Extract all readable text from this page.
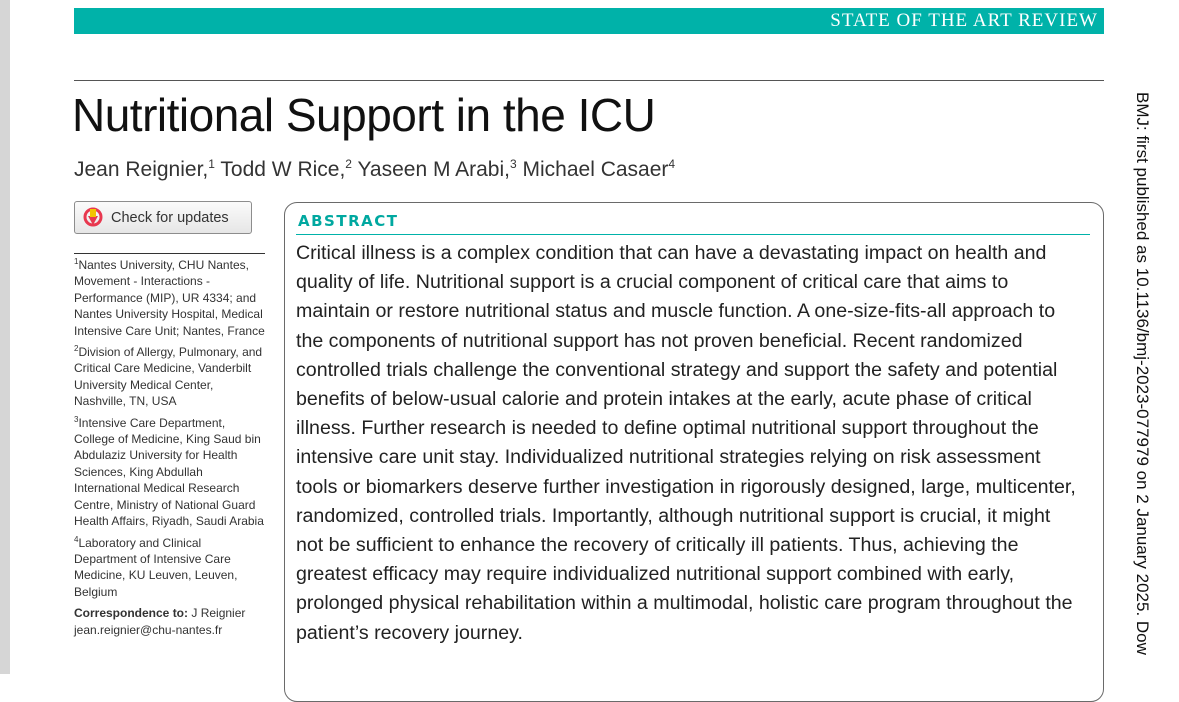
STATE OF THE ART REVIEW
Nutritional Support in the ICU
Jean Reignier,$^1$ Todd W Rice,$^2$ Yaseen M Arabi,$^3$ Michael Casaer$^4$
Check for updates

$^1$Nantes University, CHU Nantes, Movement - Interactions - Performance (MIP), UR 4334; and Nantes University Hospital, Medical Intensive Care Unit; Nantes, France

$^2$Division of Allergy, Pulmonary, and Critical Care Medicine, Vanderbilt University Medical Center, Nashville, TN, USA

$^3$Intensive Care Department, College of Medicine, King Saud bin Abdulaziz University for Health Sciences, King Abdullah International Medical Research Centre, Ministry of National Guard Health Affairs, Riyadh, Saudi Arabia

$^4$Laboratory and Clinical Department of Intensive Care Medicine, KU Leuven, Leuven, Belgium

Correspondence to: J Reignier
jean.reignier@chu-nantes.fr

ABSTRACT

Critical illness is a complex condition that can have a devastating impact on health and quality of life. Nutritional support is a crucial component of critical care that aims to maintain or restore nutritional status and muscle function. A one-size-fits-all approach to the components of nutritional support has not proven beneficial. Recent randomized controlled trials challenge the conventional strategy and support the safety and potential benefits of below-usual calorie and protein intakes at the early, acute phase of critical illness. Further research is needed to define optimal nutritional support throughout the intensive care unit stay. Individualized nutritional strategies relying on risk assessment tools or biomarkers deserve further investigation in rigorously designed, large, multicenter, randomized, controlled trials. Importantly, although nutritional support is crucial, it might not be sufficient to enhance the recovery of critically ill patients. Thus, achieving the greatest efficacy may require individualized nutritional support combined with early, prolonged physical rehabilitation within a multimodal, holistic care program throughout the patient’s recovery journey.	BMJ: first published as 10.1136/bmj-2023-077979 on 2 January 2025. Dow
